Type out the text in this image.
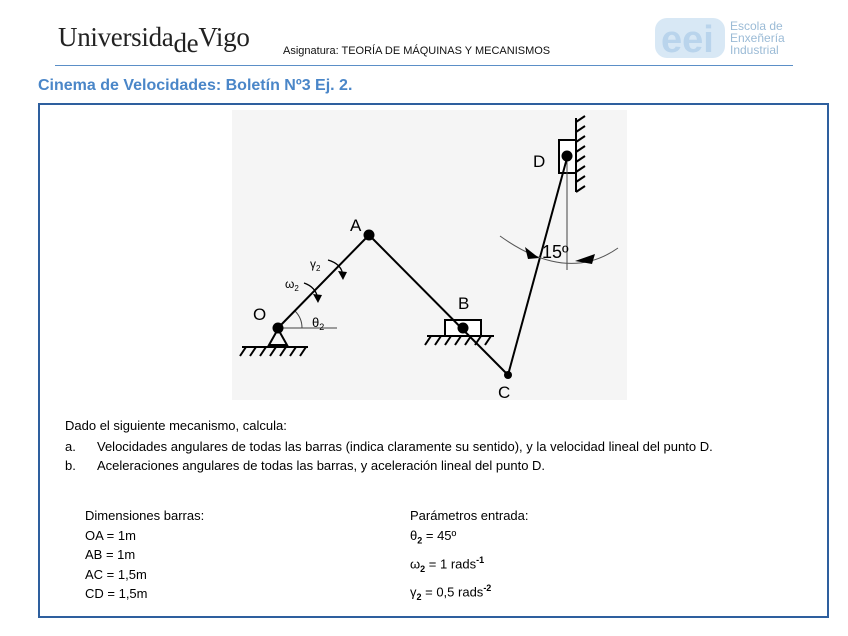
UniversidadeVigo	Asignatura: TEORÍA DE MÁQUINAS Y MECANISMOS	eei Escola de
Enxeñería
Industrial
Cinema de Velocidades: Boletín Nº3 Ej. 2.
O
A
B
C
D
15º
$\theta_2$
$\omega_2$
$\gamma_2$
Dado el siguiente mecanismo, calcula:
a.	Velocidades angulares de todas las barras (indica claramente su sentido), y la velocidad lineal del punto D.
b.	Aceleraciones angulares de todas las barras, y aceleración lineal del punto D.
Dimensiones barras:
OA = 1m
AB = 1m
AC = 1,5m
CD = 1,5m
Parámetros entrada:
$\theta_2$ = 45º
$\omega_2 = 1$ rads$^{-1}$
$\gamma_2 = 0,5$ rads$^{-2}$
